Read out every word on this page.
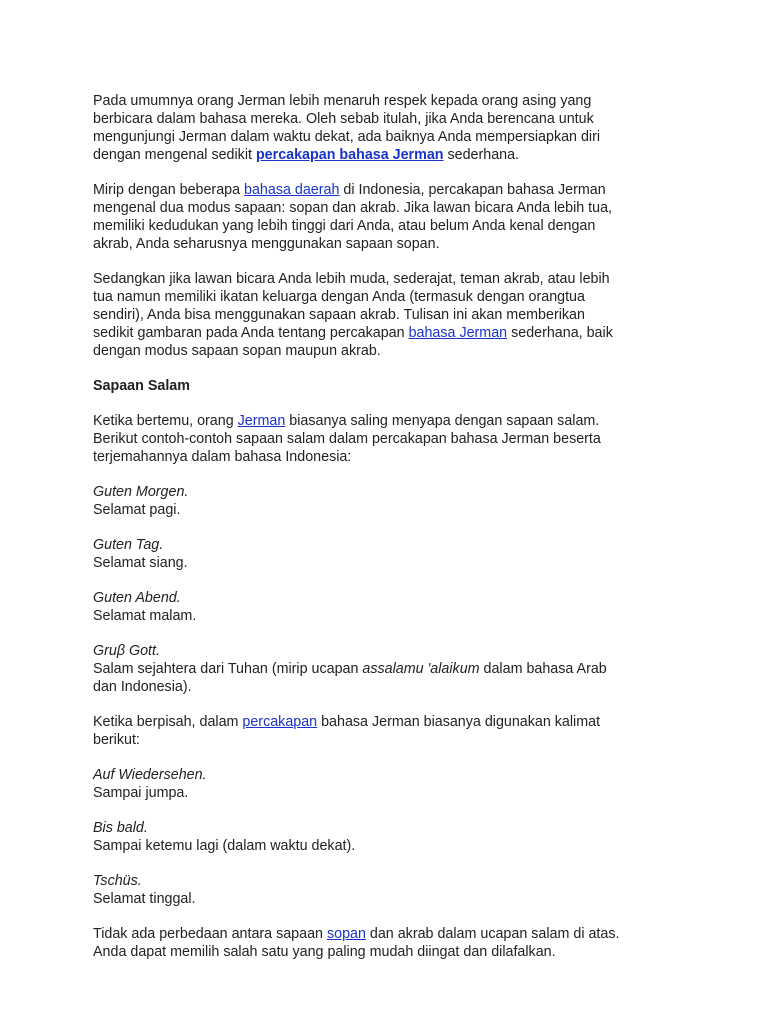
Pada umumnya orang Jerman lebih menaruh respek kepada orang asing yang
berbicara dalam bahasa mereka. Oleh sebab itulah, jika Anda berencana untuk
mengunjungi Jerman dalam waktu dekat, ada baiknya Anda mempersiapkan diri
dengan mengenal sedikit percakapan bahasa Jerman sederhana.

Mirip dengan beberapa bahasa daerah di Indonesia, percakapan bahasa Jerman
mengenal dua modus sapaan: sopan dan akrab. Jika lawan bicara Anda lebih tua,
memiliki kedudukan yang lebih tinggi dari Anda, atau belum Anda kenal dengan
akrab, Anda seharusnya menggunakan sapaan sopan.

Sedangkan jika lawan bicara Anda lebih muda, sederajat, teman akrab, atau lebih
tua namun memiliki ikatan keluarga dengan Anda (termasuk dengan orangtua
sendiri), Anda bisa menggunakan sapaan akrab. Tulisan ini akan memberikan
sedikit gambaran pada Anda tentang percakapan bahasa Jerman sederhana, baik
dengan modus sapaan sopan maupun akrab.

Sapaan Salam

Ketika bertemu, orang Jerman biasanya saling menyapa dengan sapaan salam.
Berikut contoh-contoh sapaan salam dalam percakapan bahasa Jerman beserta
terjemahannya dalam bahasa Indonesia:

Guten Morgen.
Selamat pagi.

Guten Tag.
Selamat siang.

Guten Abend.
Selamat malam.

Gruβ Gott.
Salam sejahtera dari Tuhan (mirip ucapan assalamu 'alaikum dalam bahasa Arab
dan Indonesia).

Ketika berpisah, dalam percakapan bahasa Jerman biasanya digunakan kalimat
berikut:

Auf Wiedersehen.
Sampai jumpa.

Bis bald.
Sampai ketemu lagi (dalam waktu dekat).

Tschüs.
Selamat tinggal.

Tidak ada perbedaan antara sapaan sopan dan akrab dalam ucapan salam di atas.
Anda dapat memilih salah satu yang paling mudah diingat dan dilafalkan.
